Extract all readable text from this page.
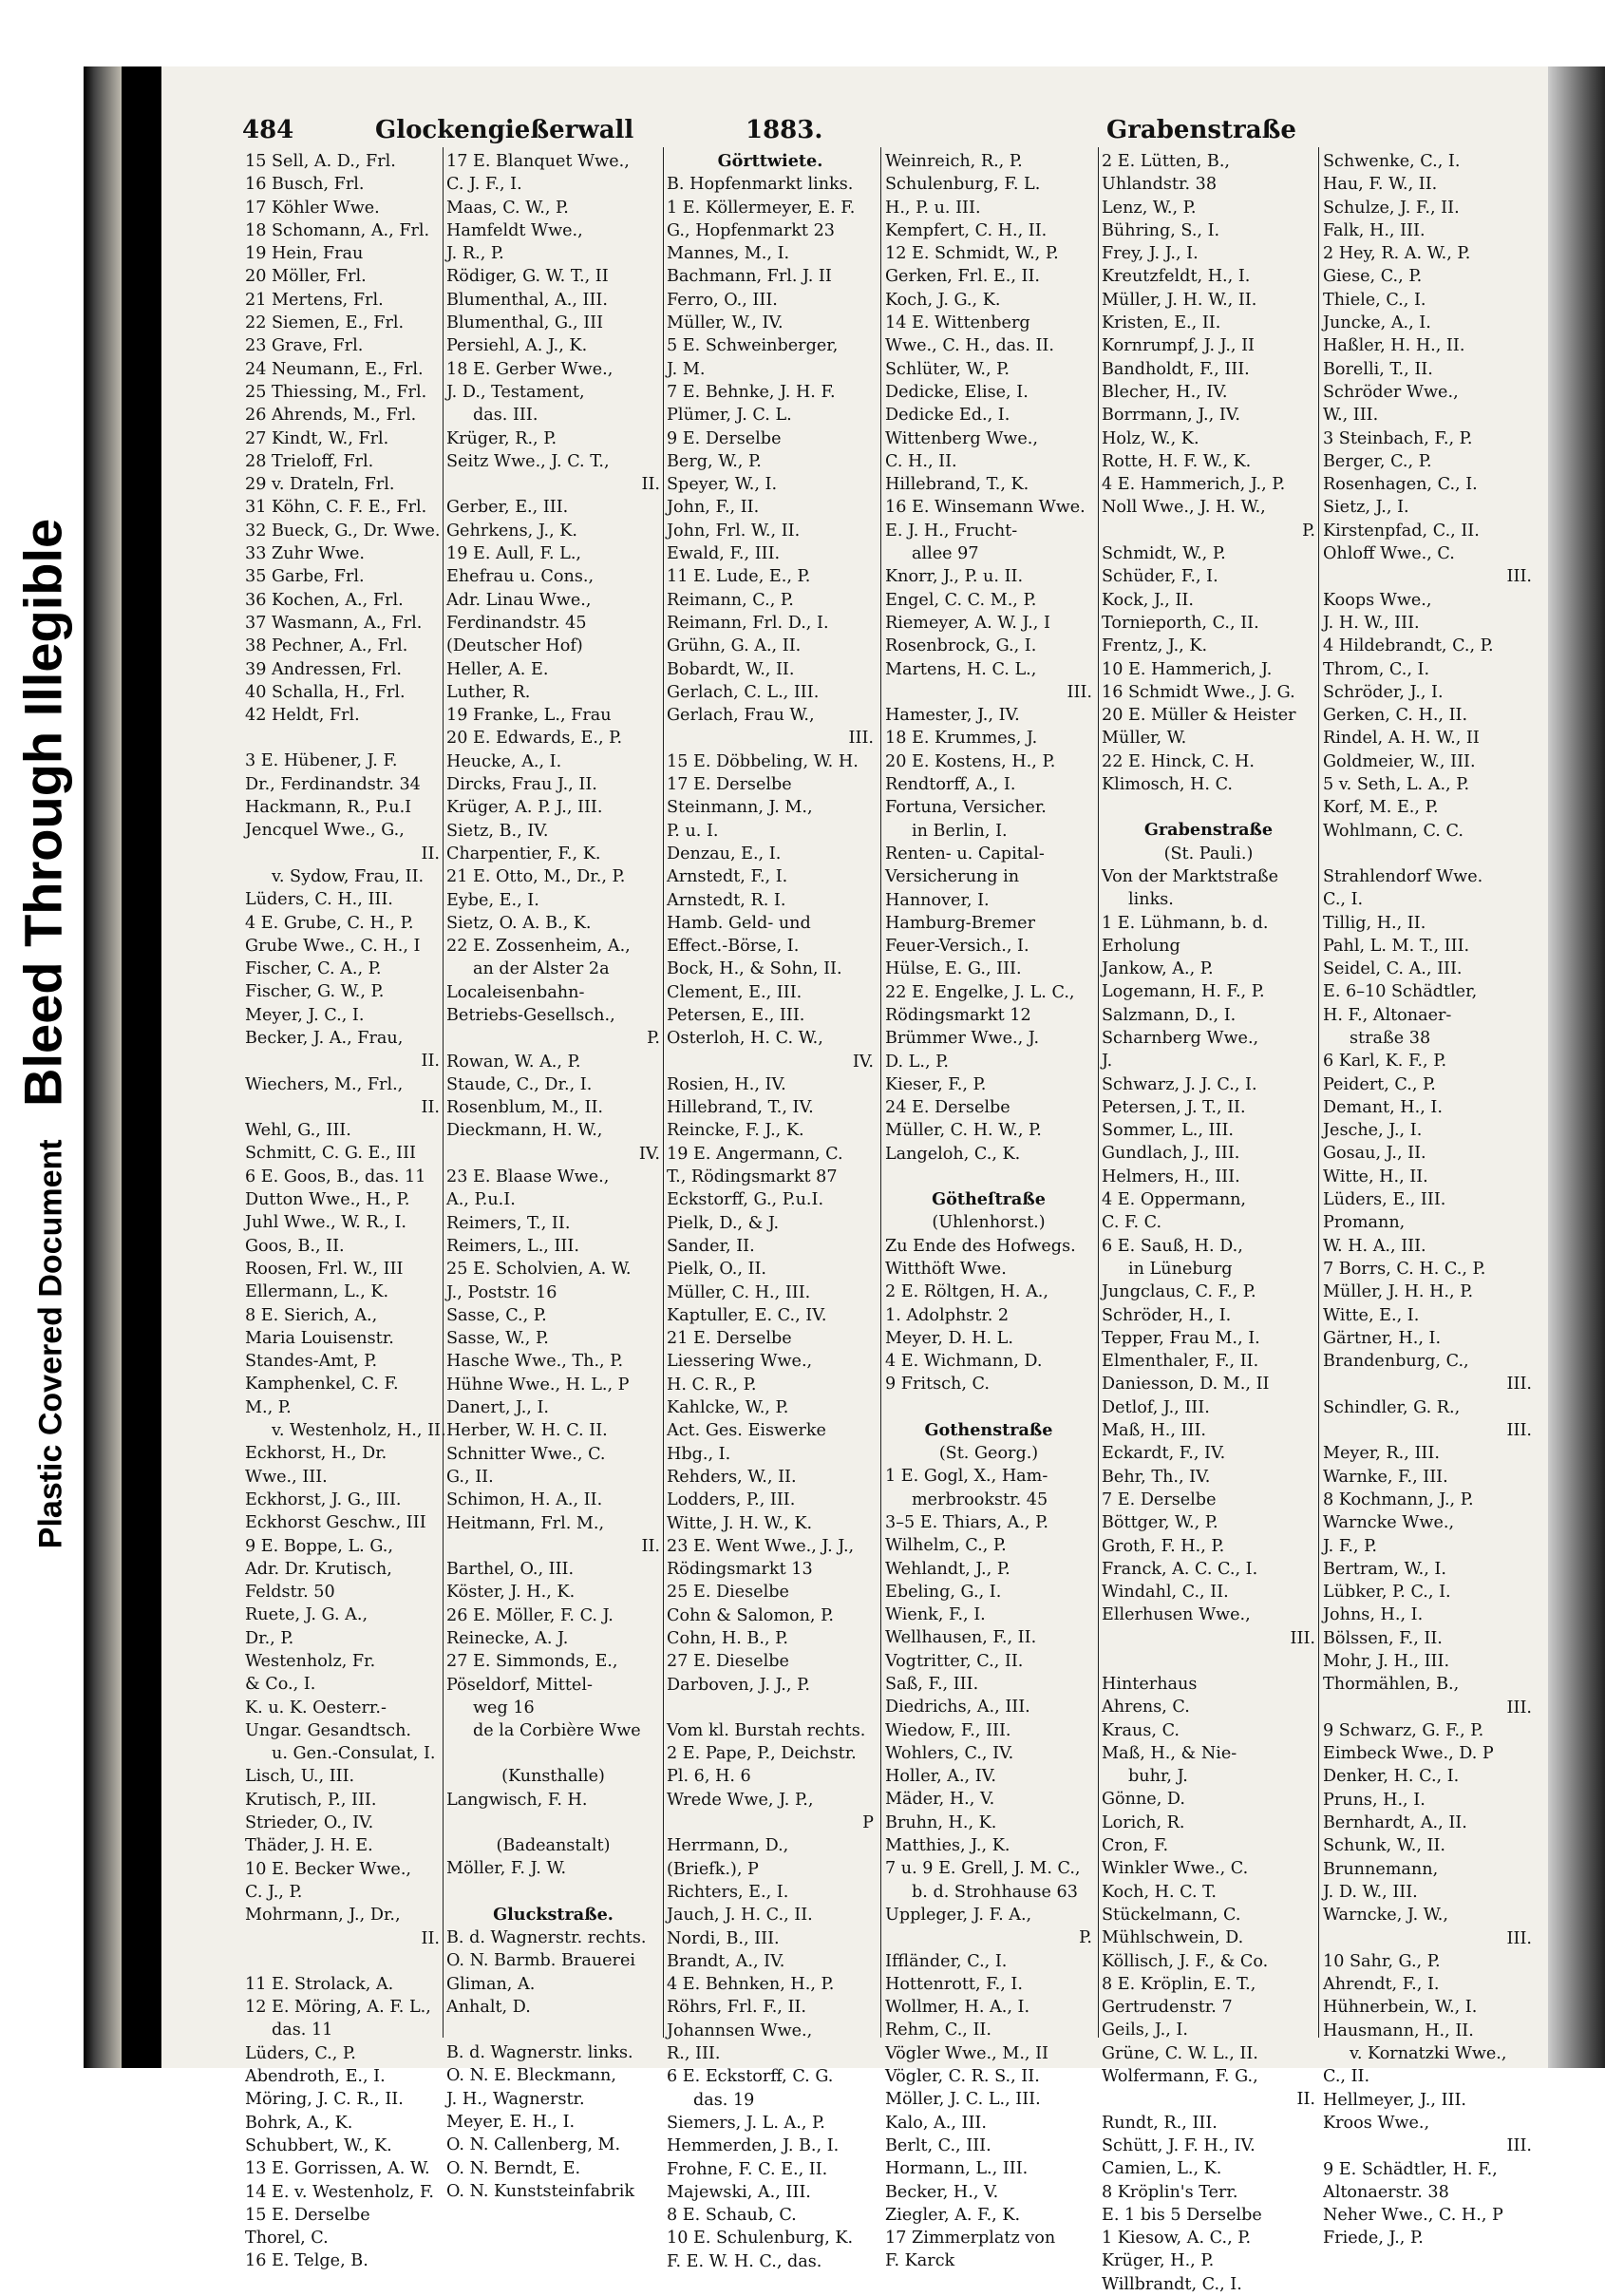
Plastic Covered Document Bleed Through Illegible
484	Glockengießerwall	1883.	Grabenstraße
15 Sell, A. D., Frl.
16 Busch, Frl.
17 Köhler Wwe.
18 Schomann, A., Frl.
19 Hein, Frau
20 Möller, Frl.
21 Mertens, Frl.
22 Siemen, E., Frl.
23 Grave, Frl.
24 Neumann, E., Frl.
25 Thiessing, M., Frl.
26 Ahrends, M., Frl.
27 Kindt, W., Frl.
28 Trieloff, Frl.
29 v. Drateln, Frl.
31 Köhn, C. F. E., Frl.
32 Bueck, G., Dr. Wwe.
33 Zuhr Wwe.
35 Garbe, Frl.
36 Kochen, A., Frl.
37 Wasmann, A., Frl.
38 Pechner, A., Frl.
39 Andressen, Frl.
40 Schalla, H., Frl.
42 Heldt, Frl.
3 E. Hübener, J. F.
Dr., Ferdinandstr. 34
Hackmann, R., P.u.I
Jencquel Wwe., G.,
II.
v. Sydow, Frau, II.
Lüders, C. H., III.
4 E. Grube, C. H., P.
Grube Wwe., C. H., I
Fischer, C. A., P.
Fischer, G. W., P.
Meyer, J. C., I.
Becker, J. A., Frau,
II.
Wiechers, M., Frl.,
II.
Wehl, G., III.
Schmitt, C. G. E., III
6 E. Goos, B., das. 11
Dutton Wwe., H., P.
Juhl Wwe., W. R., I.
Goos, B., II.
Roosen, Frl. W., III
Ellermann, L., K.
8 E. Sierich, A.,
Maria Louisenstr.
Standes-Amt, P.
Kamphenkel, C. F.
M., P.
v. Westenholz, H., II.
Eckhorst, H., Dr.
Wwe., III.
Eckhorst, J. G., III.
Eckhorst Geschw., III
9 E. Boppe, L. G.,
Adr. Dr. Krutisch,
Feldstr. 50
Ruete, J. G. A.,
Dr., P.
Westenholz, Fr.
& Co., I.
K. u. K. Oesterr.-
Ungar. Gesandtsch.
u. Gen.-Consulat, I.
Lisch, U., III.
Krutisch, P., III.
Strieder, O., IV.
Thäder, J. H. E.
10 E. Becker Wwe.,
C. J., P.
Mohrmann, J., Dr.,
II.
11 E. Strolack, A.
12 E. Möring, A. F. L.,
das. 11
Lüders, C., P.
Abendroth, E., I.
Möring, J. C. R., II.
Bohrk, A., K.
Schubbert, W., K.
13 E. Gorrissen, A. W.
14 E. v. Westenholz, F.
15 E. Derselbe
Thorel, C.
16 E. Telge, B.
17 E. Blanquet Wwe.,
C. J. F., I.
Maas, C. W., P.
Hamfeldt Wwe.,
J. R., P.
Rödiger, G. W. T., II
Blumenthal, A., III.
Blumenthal, G., III
Persiehl, A. J., K.
18 E. Gerber Wwe.,
J. D., Testament,
das. III.
Krüger, R., P.
Seitz Wwe., J. C. T.,
II.
Gerber, E., III.
Gehrkens, J., K.
19 E. Aull, F. L.,
Ehefrau u. Cons.,
Adr. Linau Wwe.,
Ferdinandstr. 45
(Deutscher Hof)
Heller, A. E.
Luther, R.
19 Franke, L., Frau
20 E. Edwards, E., P.
Heucke, A., I.
Dircks, Frau J., II.
Krüger, A. P. J., III.
Sietz, B., IV.
Charpentier, F., K.
21 E. Otto, M., Dr., P.
Eybe, E., I.
Sietz, O. A. B., K.
22 E. Zossenheim, A.,
an der Alster 2a
Localeisenbahn-
Betriebs-Gesellsch.,
P.
Rowan, W. A., P.
Staude, C., Dr., I.
Rosenblum, M., II.
Dieckmann, H. W.,
IV.
23 E. Blaase Wwe.,
A., P.u.I.
Reimers, T., II.
Reimers, L., III.
25 E. Scholvien, A. W.
J., Poststr. 16
Sasse, C., P.
Sasse, W., P.
Hasche Wwe., Th., P.
Hühne Wwe., H. L., P
Danert, J., I.
Herber, W. H. C. II.
Schnitter Wwe., C.
G., II.
Schimon, H. A., II.
Heitmann, Frl. M.,
II.
Barthel, O., III.
Köster, J. H., K.
26 E. Möller, F. C. J.
Reinecke, A. J.
27 E. Simmonds, E.,
Pöseldorf, Mittel-
weg 16
de la Corbière Wwe
(Kunsthalle)
Langwisch, F. H.
(Badeanstalt)
Möller, F. J. W.
Gluckstraße.
B. d. Wagnerstr. rechts.
O. N. Barmb. Brauerei
Gliman, A.
Anhalt, D.
B. d. Wagnerstr. links.
O. N. E. Bleckmann,
J. H., Wagnerstr.
Meyer, E. H., I.
O. N. Callenberg, M.
O. N. Berndt, E.
O. N. Kunststeinfabrik
Görttwiete.
B. Hopfenmarkt links.
1 E. Köllermeyer, E. F.
G., Hopfenmarkt 23
Mannes, M., I.
Bachmann, Frl. J. II
Ferro, O., III.
Müller, W., IV.
5 E. Schweinberger,
J. M.
7 E. Behnke, J. H. F.
Plümer, J. C. L.
9 E. Derselbe
Berg, W., P.
Speyer, W., I.
John, F., II.
John, Frl. W., II.
Ewald, F., III.
11 E. Lude, E., P.
Reimann, C., P.
Reimann, Frl. D., I.
Grühn, G. A., II.
Bobardt, W., II.
Gerlach, C. L., III.
Gerlach, Frau W.,
III.
15 E. Döbbeling, W. H.
17 E. Derselbe
Steinmann, J. M.,
P. u. I.
Denzau, E., I.
Arnstedt, F., I.
Arnstedt, R. I.
Hamb. Geld- und
Effect.-Börse, I.
Bock, H., & Sohn, II.
Clement, E., III.
Petersen, E., III.
Osterloh, H. C. W.,
IV.
Rosien, H., IV.
Hillebrand, T., IV.
Reincke, F. J., K.
19 E. Angermann, C.
T., Rödingsmarkt 87
Eckstorff, G., P.u.I.
Pielk, D., & J.
Sander, II.
Pielk, O., II.
Müller, C. H., III.
Kaptuller, E. C., IV.
21 E. Derselbe
Liessering Wwe.,
H. C. R., P.
Kahlcke, W., P.
Act. Ges. Eiswerke
Hbg., I.
Rehders, W., II.
Lodders, P., III.
Witte, J. H. W., K.
23 E. Went Wwe., J. J.,
Rödingsmarkt 13
25 E. Dieselbe
Cohn & Salomon, P.
Cohn, H. B., P.
27 E. Dieselbe
Darboven, J. J., P.
Vom kl. Burstah rechts.
2 E. Pape, P., Deichstr.
Pl. 6, H. 6
Wrede Wwe, J. P.,
P
Herrmann, D.,
(Briefk.), P
Richters, E., I.
Jauch, J. H. C., II.
Nordi, B., III.
Brandt, A., IV.
4 E. Behnken, H., P.
Röhrs, Frl. F., II.
Johannsen Wwe.,
R., III.
6 E. Eckstorff, C. G.
das. 19
Siemers, J. L. A., P.
Hemmerden, J. B., I.
Frohne, F. C. E., II.
Majewski, A., III.
8 E. Schaub, C.
10 E. Schulenburg, K.
F. E. W. H. C., das.
Weinreich, R., P.
Schulenburg, F. L.
H., P. u. III.
Kempfert, C. H., II.
12 E. Schmidt, W., P.
Gerken, Frl. E., II.
Koch, J. G., K.
14 E. Wittenberg
Wwe., C. H., das. II.
Schlüter, W., P.
Dedicke, Elise, I.
Dedicke Ed., I.
Wittenberg Wwe.,
C. H., II.
Hillebrand, T., K.
16 E. Winsemann Wwe.
E. J. H., Frucht-
allee 97
Knorr, J., P. u. II.
Engel, C. C. M., P.
Riemeyer, A. W. J., I
Rosenbrock, G., I.
Martens, H. C. L.,
III.
Hamester, J., IV.
18 E. Krummes, J.
20 E. Kostens, H., P.
Rendtorff, A., I.
Fortuna, Versicher.
in Berlin, I.
Renten- u. Capital-
Versicherung in
Hannover, I.
Hamburg-Bremer
Feuer-Versich., I.
Hülse, E. G., III.
22 E. Engelke, J. L. C.,
Rödingsmarkt 12
Brümmer Wwe., J.
D. L., P.
Kieser, F., P.
24 E. Derselbe
Müller, C. H. W., P.
Langeloh, C., K.
Götheſtraße
(Uhlenhorst.)
Zu Ende des Hofwegs.
Witthöft Wwe.
2 E. Röltgen, H. A.,
1. Adolphstr. 2
Meyer, D. H. L.
4 E. Wichmann, D.
9 Fritsch, C.
Gothenstraße
(St. Georg.)
1 E. Gogl, X., Ham-
merbrookstr. 45
3–5 E. Thiars, A., P.
Wilhelm, C., P.
Wehlandt, J., P.
Ebeling, G., I.
Wienk, F., I.
Wellhausen, F., II.
Vogtritter, C., II.
Saß, F., III.
Diedrichs, A., III.
Wiedow, F., III.
Wohlers, C., IV.
Holler, A., IV.
Mäder, H., V.
Bruhn, H., K.
Matthies, J., K.
7 u. 9 E. Grell, J. M. C.,
b. d. Strohhause 63
Uppleger, J. F. A.,
P.
Iffländer, C., I.
Hottenrott, F., I.
Wollmer, H. A., I.
Rehm, C., II.
Vögler Wwe., M., II
Vögler, C. R. S., II.
Möller, J. C. L., III.
Kalo, A., III.
Berlt, C., III.
Hormann, L., III.
Becker, H., V.
Ziegler, A. F., K.
17 Zimmerplatz von
F. Karck
2 E. Lütten, B.,
Uhlandstr. 38
Lenz, W., P.
Bühring, S., I.
Frey, J. J., I.
Kreutzfeldt, H., I.
Müller, J. H. W., II.
Kristen, E., II.
Kornrumpf, J. J., II
Bandholdt, F., III.
Blecher, H., IV.
Borrmann, J., IV.
Holz, W., K.
Rotte, H. F. W., K.
4 E. Hammerich, J., P.
Noll Wwe., J. H. W.,
P.
Schmidt, W., P.
Schüder, F., I.
Kock, J., II.
Tornieporth, C., II.
Frentz, J., K.
10 E. Hammerich, J.
16 Schmidt Wwe., J. G.
20 E. Müller & Heister
Müller, W.
22 E. Hinck, C. H.
Klimosch, H. C.
Grabenstraße
(St. Pauli.)
Von der Marktstraße
links.
1 E. Lühmann, b. d.
Erholung
Jankow, A., P.
Logemann, H. F., P.
Salzmann, D., I.
Scharnberg Wwe.,
J.
Schwarz, J. J. C., I.
Petersen, J. T., II.
Sommer, L., III.
Gundlach, J., III.
Helmers, H., III.
4 E. Oppermann,
C. F. C.
6 E. Sauß, H. D.,
in Lüneburg
Jungclaus, C. F., P.
Schröder, H., I.
Tepper, Frau M., I.
Elmenthaler, F., II.
Daniesson, D. M., II
Detlof, J., III.
Maß, H., III.
Eckardt, F., IV.
Behr, Th., IV.
7 E. Derselbe
Böttger, W., P.
Groth, F. H., P.
Franck, A. C. C., I.
Windahl, C., II.
Ellerhusen Wwe.,
III.
Hinterhaus
Ahrens, C.
Kraus, C.
Maß, H., & Nie-
buhr, J.
Gönne, D.
Lorich, R.
Cron, F.
Winkler Wwe., C.
Koch, H. C. T.
Stückelmann, C.
Mühlschwein, D.
Köllisch, J. F., & Co.
8 E. Kröplin, E. T.,
Gertrudenstr. 7
Geils, J., I.
Grüne, C. W. L., II.
Wolfermann, F. G.,
II.
Rundt, R., III.
Schütt, J. F. H., IV.
Camien, L., K.
8 Kröplin's Terr.
E. 1 bis 5 Derselbe
1 Kiesow, A. C., P.
Krüger, H., P.
Willbrandt, C., I.
Schwenke, C., I.
Hau, F. W., II.
Schulze, J. F., II.
Falk, H., III.
2 Hey, R. A. W., P.
Giese, C., P.
Thiele, C., I.
Juncke, A., I.
Haßler, H. H., II.
Borelli, T., II.
Schröder Wwe.,
W., III.
3 Steinbach, F., P.
Berger, C., P.
Rosenhagen, C., I.
Sietz, J., I.
Kirstenpfad, C., II.
Ohloff Wwe., C.
III.
Koops Wwe.,
J. H. W., III.
4 Hildebrandt, C., P.
Throm, C., I.
Schröder, J., I.
Gerken, C. H., II.
Rindel, A. H. W., II
Goldmeier, W., III.
5 v. Seth, L. A., P.
Korf, M. E., P.
Wohlmann, C. C.
Strahlendorf Wwe.
C., I.
Tillig, H., II.
Pahl, L. M. T., III.
Seidel, C. A., III.
E. 6–10 Schädtler,
H. F., Altonaer-
straße 38
6 Karl, K. F., P.
Peidert, C., P.
Demant, H., I.
Jesche, J., I.
Gosau, J., II.
Witte, H., II.
Lüders, E., III.
Promann,
W. H. A., III.
7 Borrs, C. H. C., P.
Müller, J. H. H., P.
Witte, E., I.
Gärtner, H., I.
Brandenburg, C.,
III.
Schindler, G. R.,
III.
Meyer, R., III.
Warnke, F., III.
8 Kochmann, J., P.
Warncke Wwe.,
J. F., P.
Bertram, W., I.
Lübker, P. C., I.
Johns, H., I.
Bölssen, F., II.
Mohr, J. H., III.
Thormählen, B.,
III.
9 Schwarz, G. F., P.
Eimbeck Wwe., D. P
Denker, H. C., I.
Pruns, H., I.
Bernhardt, A., II.
Schunk, W., II.
Brunnemann,
J. D. W., III.
Warncke, J. W.,
III.
10 Sahr, G., P.
Ahrendt, F., I.
Hühnerbein, W., I.
Hausmann, H., II.
v. Kornatzki Wwe.,
C., II.
Hellmeyer, J., III.
Kroos Wwe.,
III.
9 E. Schädtler, H. F.,
Altonaerstr. 38
Neher Wwe., C. H., P
Friede, J., P.
